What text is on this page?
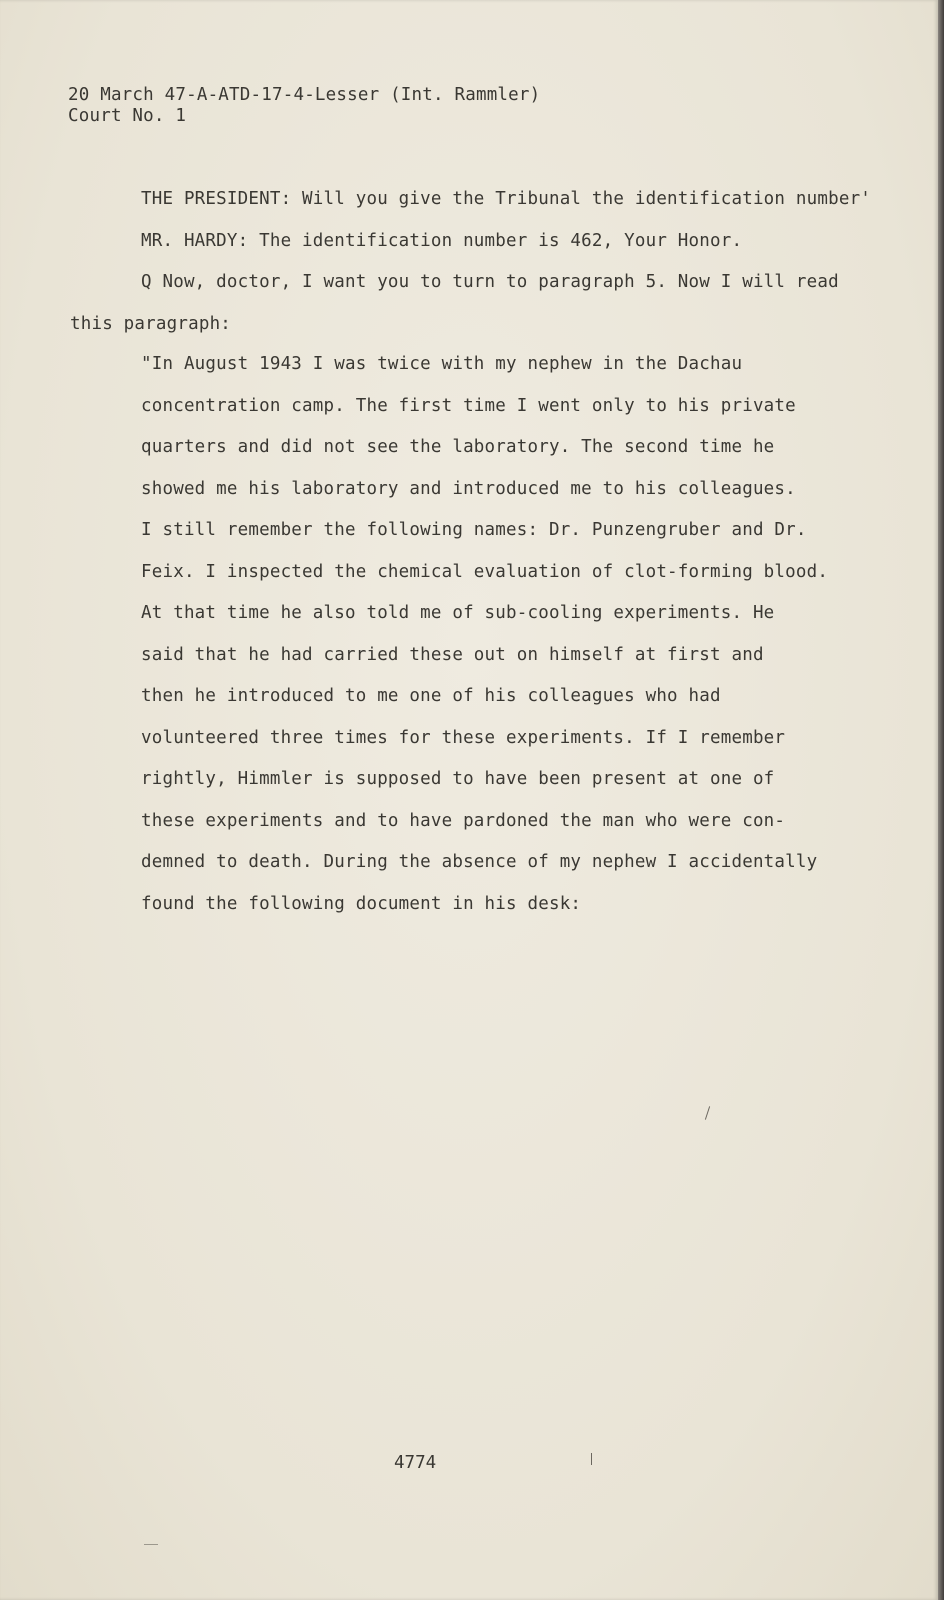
20 March 47-A-ATD-17-4-Lesser (Int. Rammler)
Court No. 1
THE PRESIDENT: Will you give the Tribunal the identification number'
MR. HARDY: The identification number is 462, Your Honor.
Q Now, doctor, I want you to turn to paragraph 5. Now I will read
this paragraph:
"In August 1943 I was twice with my nephew in the Dachau
concentration camp. The first time I went only to his private
quarters and did not see the laboratory. The second time he
showed me his laboratory and introduced me to his colleagues.
I still remember the following names: Dr. Punzengruber and Dr.
Feix. I inspected the chemical evaluation of clot-forming blood.
At that time he also told me of sub-cooling experiments. He
said that he had carried these out on himself at first and
then he introduced to me one of his colleagues who had
volunteered three times for these experiments. If I remember
rightly, Himmler is supposed to have been present at one of
these experiments and to have pardoned the man who were con-
demned to death. During the absence of my nephew I accidentally
found the following document in his desk:
4774
